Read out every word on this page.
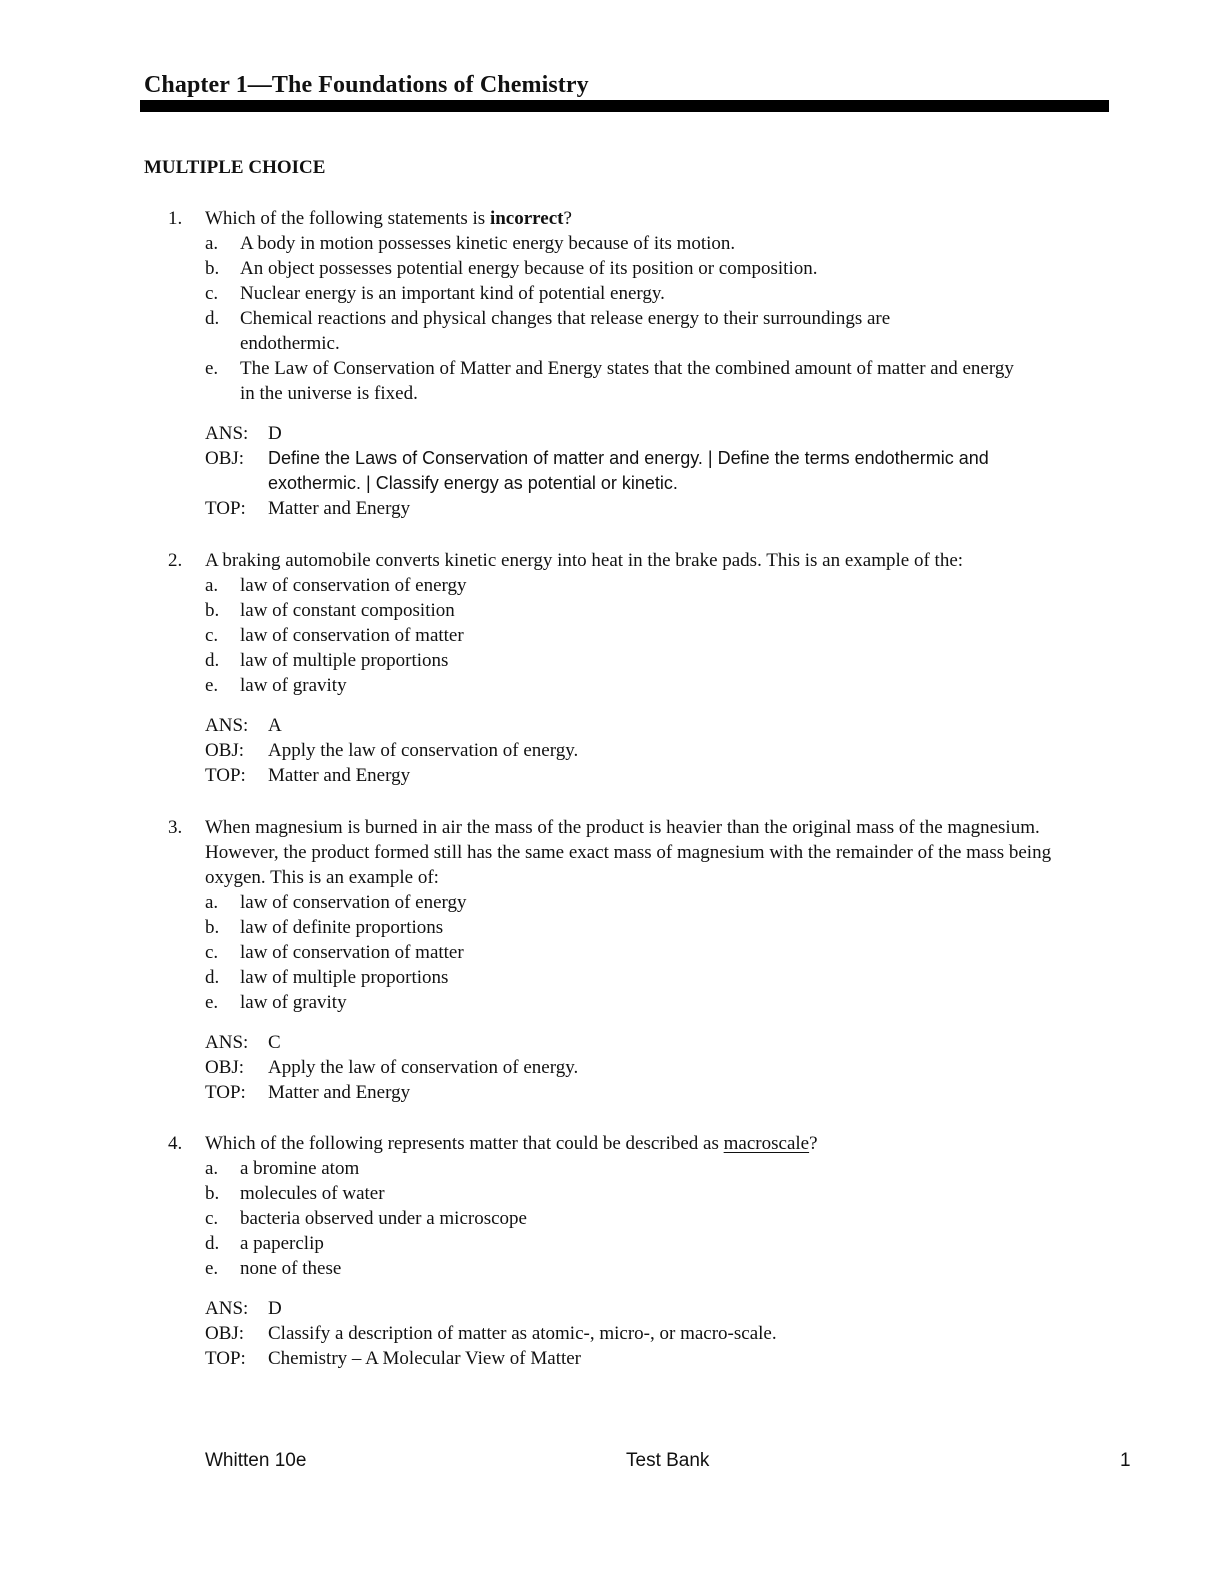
Chapter 1—The Foundations of Chemistry
MULTIPLE CHOICE
1. Which of the following statements is incorrect?
a. A body in motion possesses kinetic energy because of its motion.
b. An object possesses potential energy because of its position or composition.
c. Nuclear energy is an important kind of potential energy.
d. Chemical reactions and physical changes that release energy to their surroundings are endothermic.
e. The Law of Conservation of Matter and Energy states that the combined amount of matter and energy in the universe is fixed.
ANS: D
OBJ:	Define the Laws of Conservation of matter and energy. | Define the terms endothermic and exothermic. | Classify energy as potential or kinetic.
TOP: Matter and Energy
2. A braking automobile converts kinetic energy into heat in the brake pads. This is an example of the:
a. law of conservation of energy
b. law of constant composition
c. law of conservation of matter
d. law of multiple proportions
e. law of gravity
ANS: A
OBJ: Apply the law of conservation of energy.
TOP: Matter and Energy
3. When magnesium is burned in air the mass of the product is heavier than the original mass of the magnesium. However, the product formed still has the same exact mass of magnesium with the remainder of the mass being oxygen. This is an example of:
a. law of conservation of energy
b. law of definite proportions
c. law of conservation of matter
d. law of multiple proportions
e. law of gravity
ANS: C
OBJ: Apply the law of conservation of energy.
TOP: Matter and Energy
4. Which of the following represents matter that could be described as macroscale?
a. a bromine atom
b. molecules of water
c. bacteria observed under a microscope
d. a paperclip
e. none of these
ANS: D
OBJ: Classify a description of matter as atomic-, micro-, or macro-scale.
TOP: Chemistry – A Molecular View of Matter
Whitten 10e	Test Bank	1
